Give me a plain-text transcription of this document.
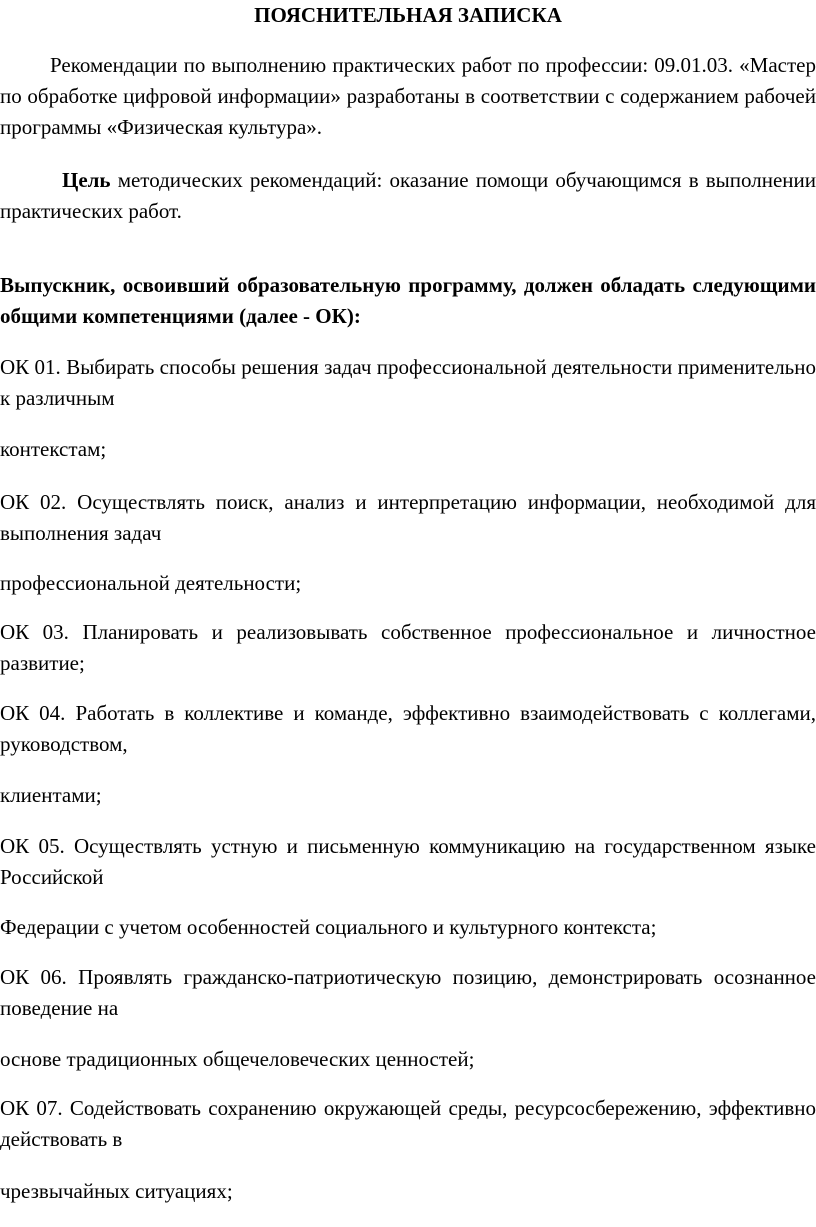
ПОЯСНИТЕЛЬНАЯ ЗАПИСКА

Рекомендации по выполнению практических работ по профессии: 09.01.03. «Мастер по обработке цифровой информации» разработаны в соответствии с содержанием рабочей программы «Физическая культура».

Цель методических рекомендаций: оказание помощи обучающимся в выполнении практических работ.

Выпускник, освоивший образовательную программу, должен обладать следующими общими компетенциями (далее - ОК):

ОК 01. Выбирать способы решения задач профессиональной деятельности применительно к различным

контекстам;

ОК 02. Осуществлять поиск, анализ и интерпретацию информации, необходимой для выполнения задач

профессиональной деятельности;

ОК 03. Планировать и реализовывать собственное профессиональное и личностное развитие;

ОК 04. Работать в коллективе и команде, эффективно взаимодействовать с коллегами, руководством,

клиентами;

ОК 05. Осуществлять устную и письменную коммуникацию на государственном языке Российской

Федерации с учетом особенностей социального и культурного контекста;

ОК 06. Проявлять гражданско-патриотическую позицию, демонстрировать осознанное поведение на

основе традиционных общечеловеческих ценностей;

ОК 07. Содействовать сохранению окружающей среды, ресурсосбережению, эффективно действовать в

чрезвычайных ситуациях;
